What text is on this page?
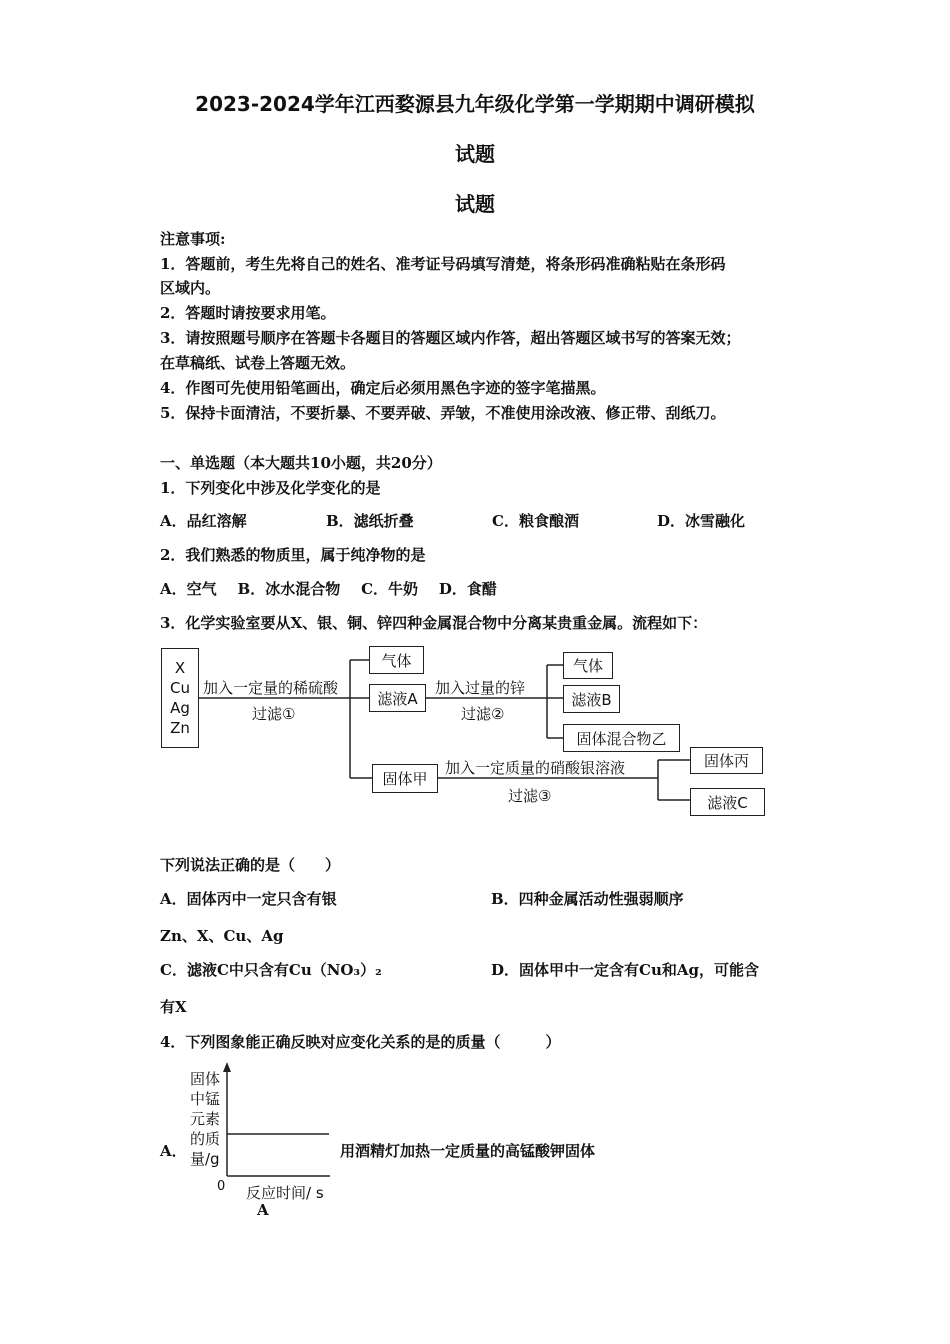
2023-2024学年江西婺源县九年级化学第一学期期中调研模拟
试题
试题
注意事项:
1．答题前，考生先将自己的姓名、准考证号码填写清楚，将条形码准确粘贴在条形码
区域内。
2．答题时请按要求用笔。
3．请按照题号顺序在答题卡各题目的答题区域内作答，超出答题区域书写的答案无效；
在草稿纸、试卷上答题无效。
4．作图可先使用铅笔画出，确定后必须用黑色字迹的签字笔描黑。
5．保持卡面清洁，不要折暴、不要弄破、弄皱，不准使用涂改液、修正带、刮纸刀。
一、单选题（本大题共10小题，共20分）
1．下列变化中涉及化学变化的是
A．品红溶解	B．滤纸折叠	C．粮食酿酒	D．冰雪融化
2．我们熟悉的物质里，属于纯净物的是
A．空气    B．冰水混合物    C．牛奶    D．食醋
3．化学实验室要从X、银、铜、锌四种金属混合物中分离某贵重金属。流程如下：
X
Cu
Ag
Zn
加入一定量的稀硫酸
过滤①
气体
滤液A
加入过量的锌
过滤②
气体
滤液B
固体混合物乙
固体甲
加入一定质量的硝酸银溶液
过滤③
固体丙
滤液C
下列说法正确的是（　　）
A．固体丙中一定只含有银	B．四种金属活动性强弱顺序
Zn、X、Cu、Ag
C．滤液C中只含有Cu（NO₃）₂	D．固体甲中一定含有Cu和Ag，可能含
有X
4．下列图象能正确反映对应变化关系的是的质量（　　　）
A．
固体
中锰
元素
的质
量/g
0 反应时间/ s
A
用酒精灯加热一定质量的高锰酸钾固体
